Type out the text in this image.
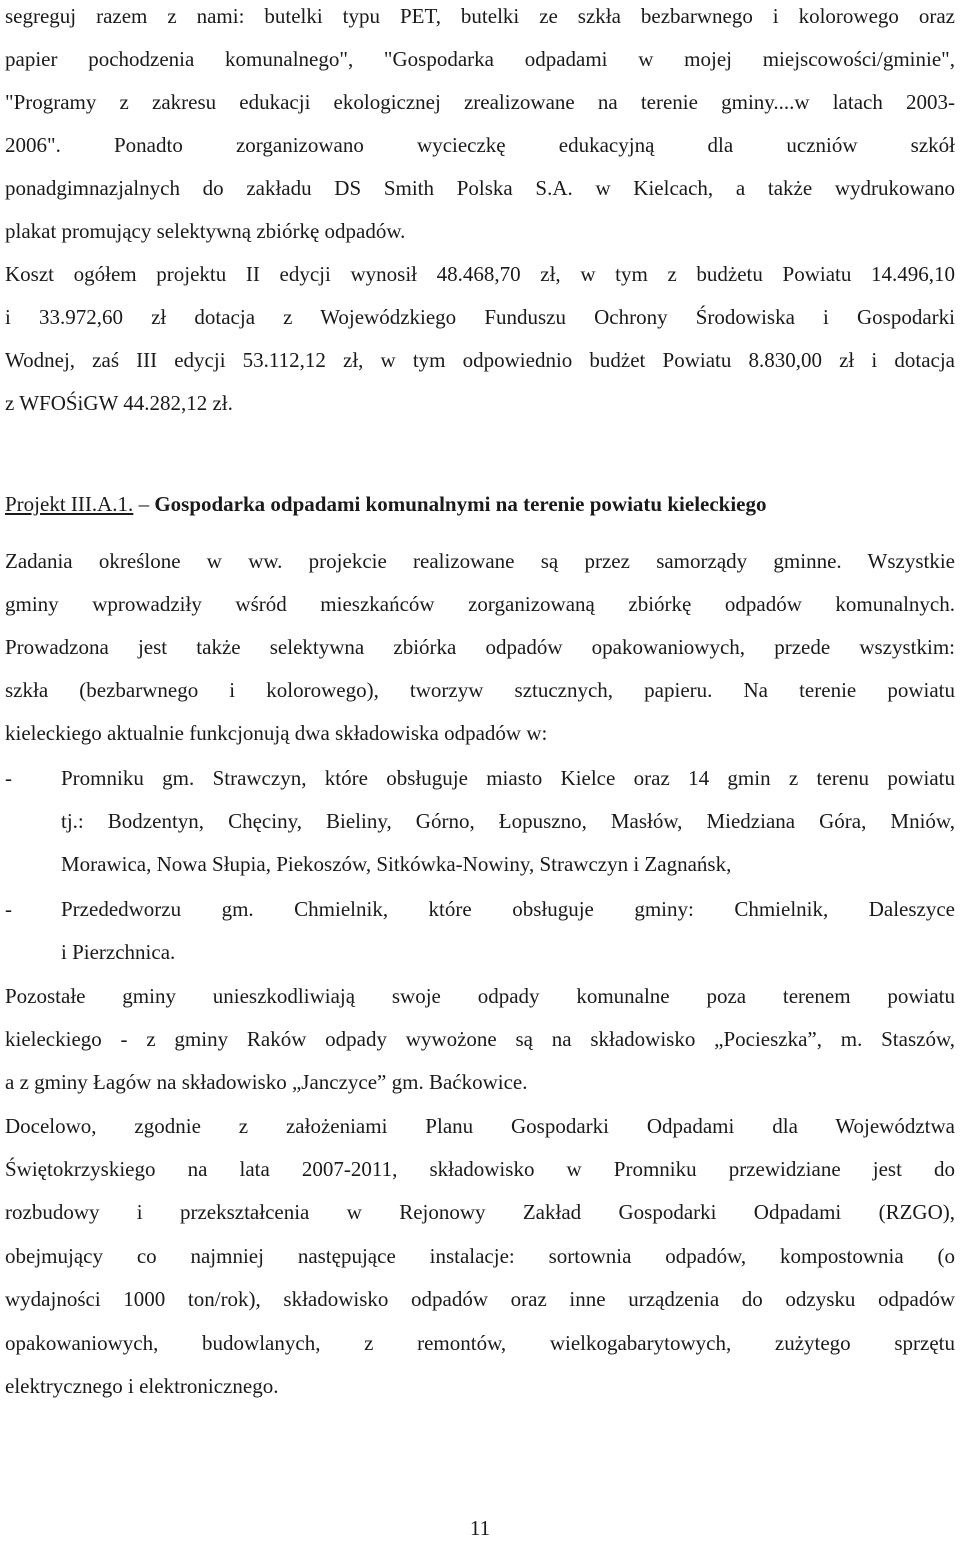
segreguj razem z nami: butelki typu PET, butelki ze szkła bezbarwnego i kolorowego oraz
papier pochodzenia komunalnego", "Gospodarka odpadami w mojej miejscowości/gminie",
"Programy z zakresu edukacji ekologicznej zrealizowane na terenie gminy....w latach 2003-
2006". Ponadto zorganizowano wycieczkę edukacyjną dla uczniów szkół
ponadgimnazjalnych do zakładu DS Smith Polska S.A. w Kielcach, a także wydrukowano
plakat promujący selektywną zbiórkę odpadów.
Koszt ogółem projektu II edycji wynosił 48.468,70 zł, w tym z budżetu Powiatu 14.496,10
i 33.972,60 zł dotacja z Wojewódzkiego Funduszu Ochrony Środowiska i Gospodarki
Wodnej, zaś III edycji 53.112,12 zł, w tym odpowiednio budżet Powiatu 8.830,00 zł i dotacja
z WFOŚiGW 44.282,12 zł.
Projekt III.A.1. – Gospodarka odpadami komunalnymi na terenie powiatu kieleckiego
Zadania określone w ww. projekcie realizowane są przez samorządy gminne. Wszystkie
gminy wprowadziły wśród mieszkańców zorganizowaną zbiórkę odpadów komunalnych.
Prowadzona jest także selektywna zbiórka odpadów opakowaniowych, przede wszystkim:
szkła (bezbarwnego i kolorowego), tworzyw sztucznych, papieru. Na terenie powiatu
kieleckiego aktualnie funkcjonują dwa składowiska odpadów w:
- Promniku gm. Strawczyn, które obsługuje miasto Kielce oraz 14 gmin z terenu powiatu
tj.: Bodzentyn, Chęciny, Bieliny, Górno, Łopuszno, Masłów, Miedziana Góra, Mniów,
Morawica, Nowa Słupia, Piekoszów, Sitkówka-Nowiny, Strawczyn i Zagnańsk,
- Przededworzu gm. Chmielnik, które obsługuje gminy: Chmielnik, Daleszyce
i Pierzchnica.
Pozostałe gminy unieszkodliwiają swoje odpady komunalne poza terenem powiatu
kieleckiego - z gminy Raków odpady wywożone są na składowisko „Pocieszka”, m. Staszów,
a z gminy Łagów na składowisko „Janczyce” gm. Baćkowice.
Docelowo, zgodnie z założeniami Planu Gospodarki Odpadami dla Województwa
Świętokrzyskiego na lata 2007-2011, składowisko w Promniku przewidziane jest do
rozbudowy i przekształcenia w Rejonowy Zakład Gospodarki Odpadami (RZGO),
obejmujący co najmniej następujące instalacje: sortownia odpadów, kompostownia (o
wydajności 1000 ton/rok), składowisko odpadów oraz inne urządzenia do odzysku odpadów
opakowaniowych, budowlanych, z remontów, wielkogabarytowych, zużytego sprzętu
elektrycznego i elektronicznego.
11
